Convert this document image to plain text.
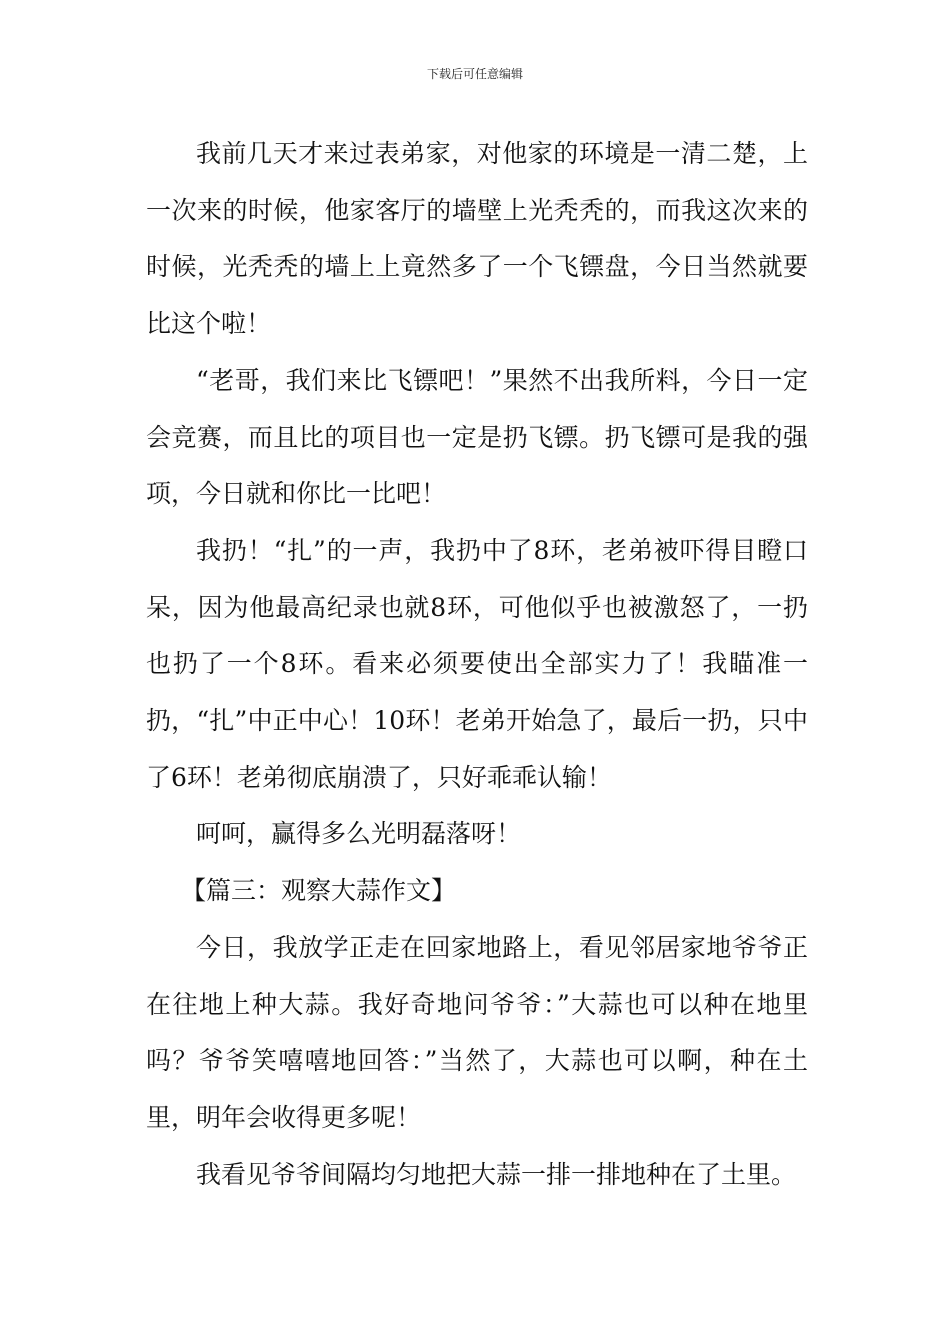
下载后可任意编辑

我前几天才来过表弟家，对他家的环境是一清二楚，上一次来的时候，他家客厅的墙壁上光秃秃的，而我这次来的时候，光秃秃的墙上上竟然多了一个飞镖盘，今日当然就要比这个啦！

“老哥，我们来比飞镖吧！”果然不出我所料，今日一定会竞赛，而且比的项目也一定是扔飞镖。扔飞镖可是我的强项，今日就和你比一比吧！

我扔！“扎”的一声，我扔中了8环，老弟被吓得目瞪口呆，因为他最高纪录也就8环，可他似乎也被激怒了，一扔也扔了一个8环。看来必须要使出全部实力了！我瞄准一扔，“扎”中正中心！10环！老弟开始急了，最后一扔，只中了6环！老弟彻底崩溃了，只好乖乖认输！

呵呵，赢得多么光明磊落呀！

【篇三：观察大蒜作文】

今日，我放学正走在回家地路上，看见邻居家地爷爷正在往地上种大蒜。我好奇地问爷爷：”大蒜也可以种在地里吗？爷爷笑嘻嘻地回答：”当然了，大蒜也可以啊，种在土里，明年会收得更多呢！

我看见爷爷间隔均匀地把大蒜一排一排地种在了土里。
